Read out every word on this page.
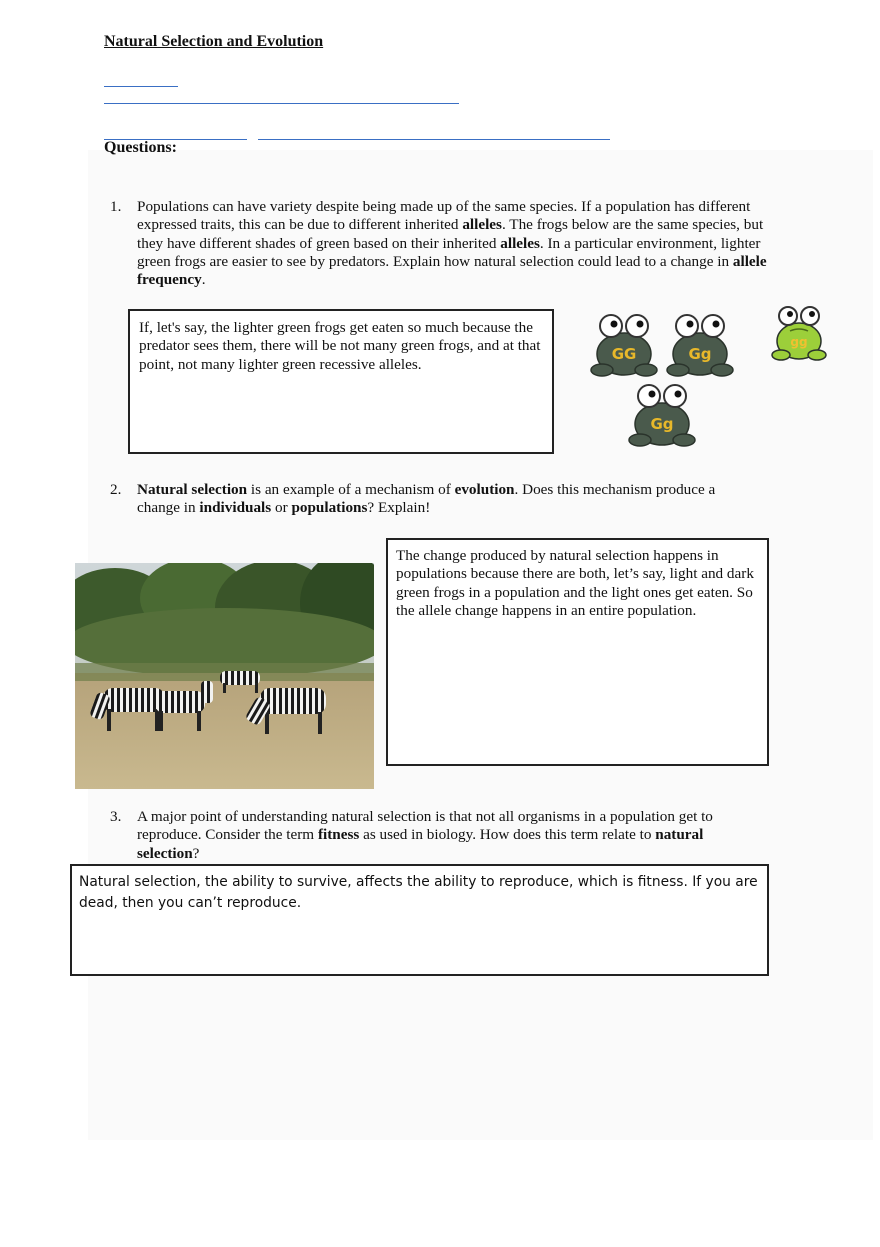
Natural Selection and Evolution
Questions:
1. Populations can have variety despite being made up of the same species. If a population has different expressed traits, this can be due to different inherited alleles. The frogs below are the same species, but they have different shades of green based on their inherited alleles. In a particular environment, lighter green frogs are easier to see by predators. Explain how natural selection could lead to a change in allele frequency.

If, let's say, the lighter green frogs get eaten so much because the predator sees them, there will be not many green frogs, and at that point, not many lighter green recessive alleles.
GG	Gg
gg
Gg
2. Natural selection is an example of a mechanism of evolution. Does this mechanism produce a change in individuals or populations? Explain!

The change produced by natural selection happens in populations because there are both, let’s say, light and dark green frogs in a population and the light ones get eaten. So the allele change happens in an entire population.
3. A major point of understanding natural selection is that not all organisms in a population get to reproduce. Consider the term fitness as used in biology. How does this term relate to natural selection?

Natural selection, the ability to survive, affects the ability to reproduce, which is fitness. If you are dead, then you can’t reproduce.
